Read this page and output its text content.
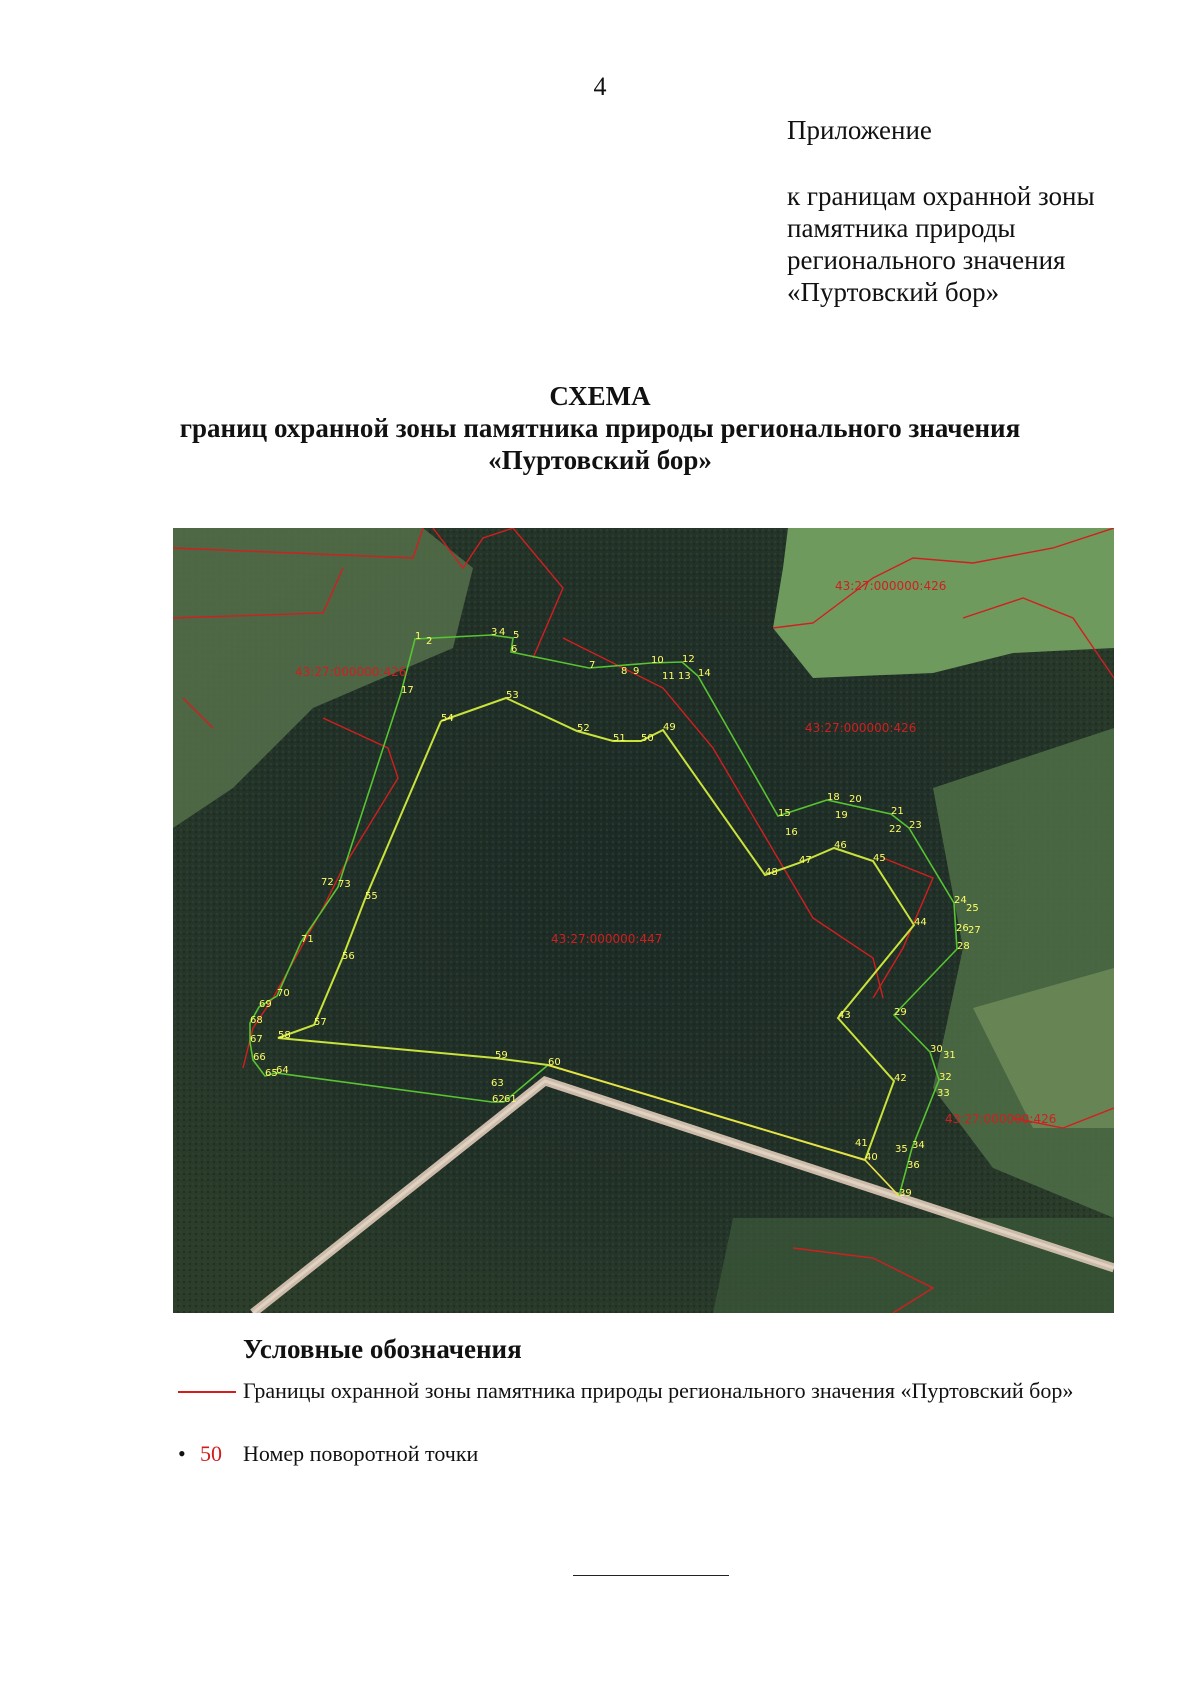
4
Приложение
к границам охранной зоны
памятника природы
регионального значения
«Пуртовский бор»
СХЕМА
границ охранной зоны памятника природы регионального значения
«Пуртовский бор»
43:27:000000:426
43:27:000000:426
43:27:000000:426
43:27:000000:447
43:27:000000:426
1 2
3 4 5
6
7
8 9
10
11
12
13 14
15
16
17
18
19
20
21
22 23
24
25
26 27
28
29
30
31
32
33
34
35
36
39
40
41
42
43
44
45
46
47
48
49
50
51
52
53
54
55
56
57
58
59
60
61
62
63
64
65
66
67
68
69
70
71
72 73
Условные обозначения
Границы охранной зоны памятника природы регионального значения «Пуртовский бор»
• 50 Номер поворотной точки
